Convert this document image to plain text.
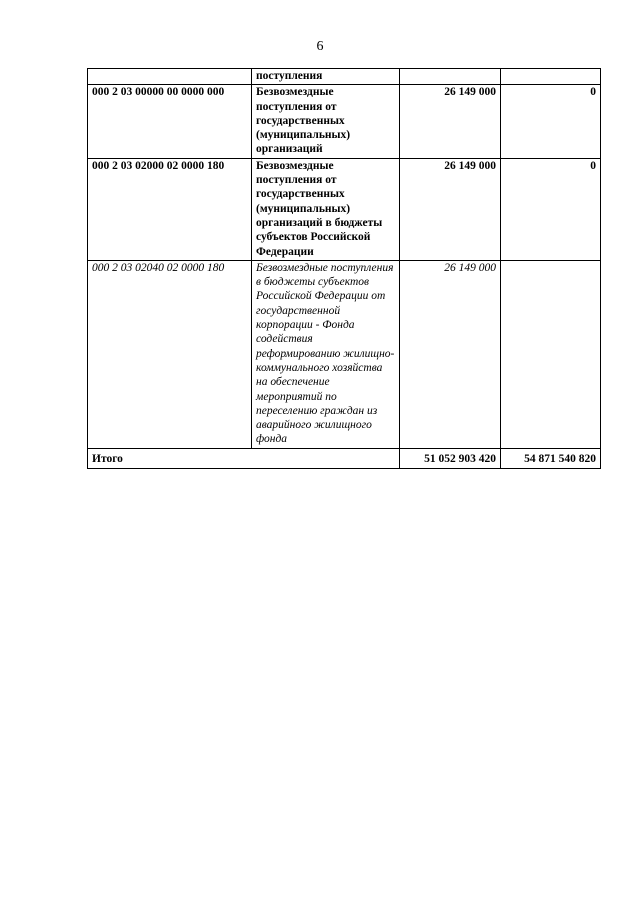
6
	поступления		
000 2 03 00000 00 0000 000	Безвозмездные поступления от государственных (муниципальных) организаций	26 149 000	0
000 2 03 02000 02 0000 180	Безвозмездные поступления от государственных (муниципальных) организаций в бюджеты субъектов Российской Федерации	26 149 000	0
000 2 03 02040 02 0000 180	Безвозмездные поступления в бюджеты субъектов Российской Федерации от государственной корпорации - Фонда содействия реформированию жилищно-коммунального хозяйства на обеспечение мероприятий по переселению граждан из аварийного жилищного фонда	26 149 000	
Итого		51 052 903 420	54 871 540 820
